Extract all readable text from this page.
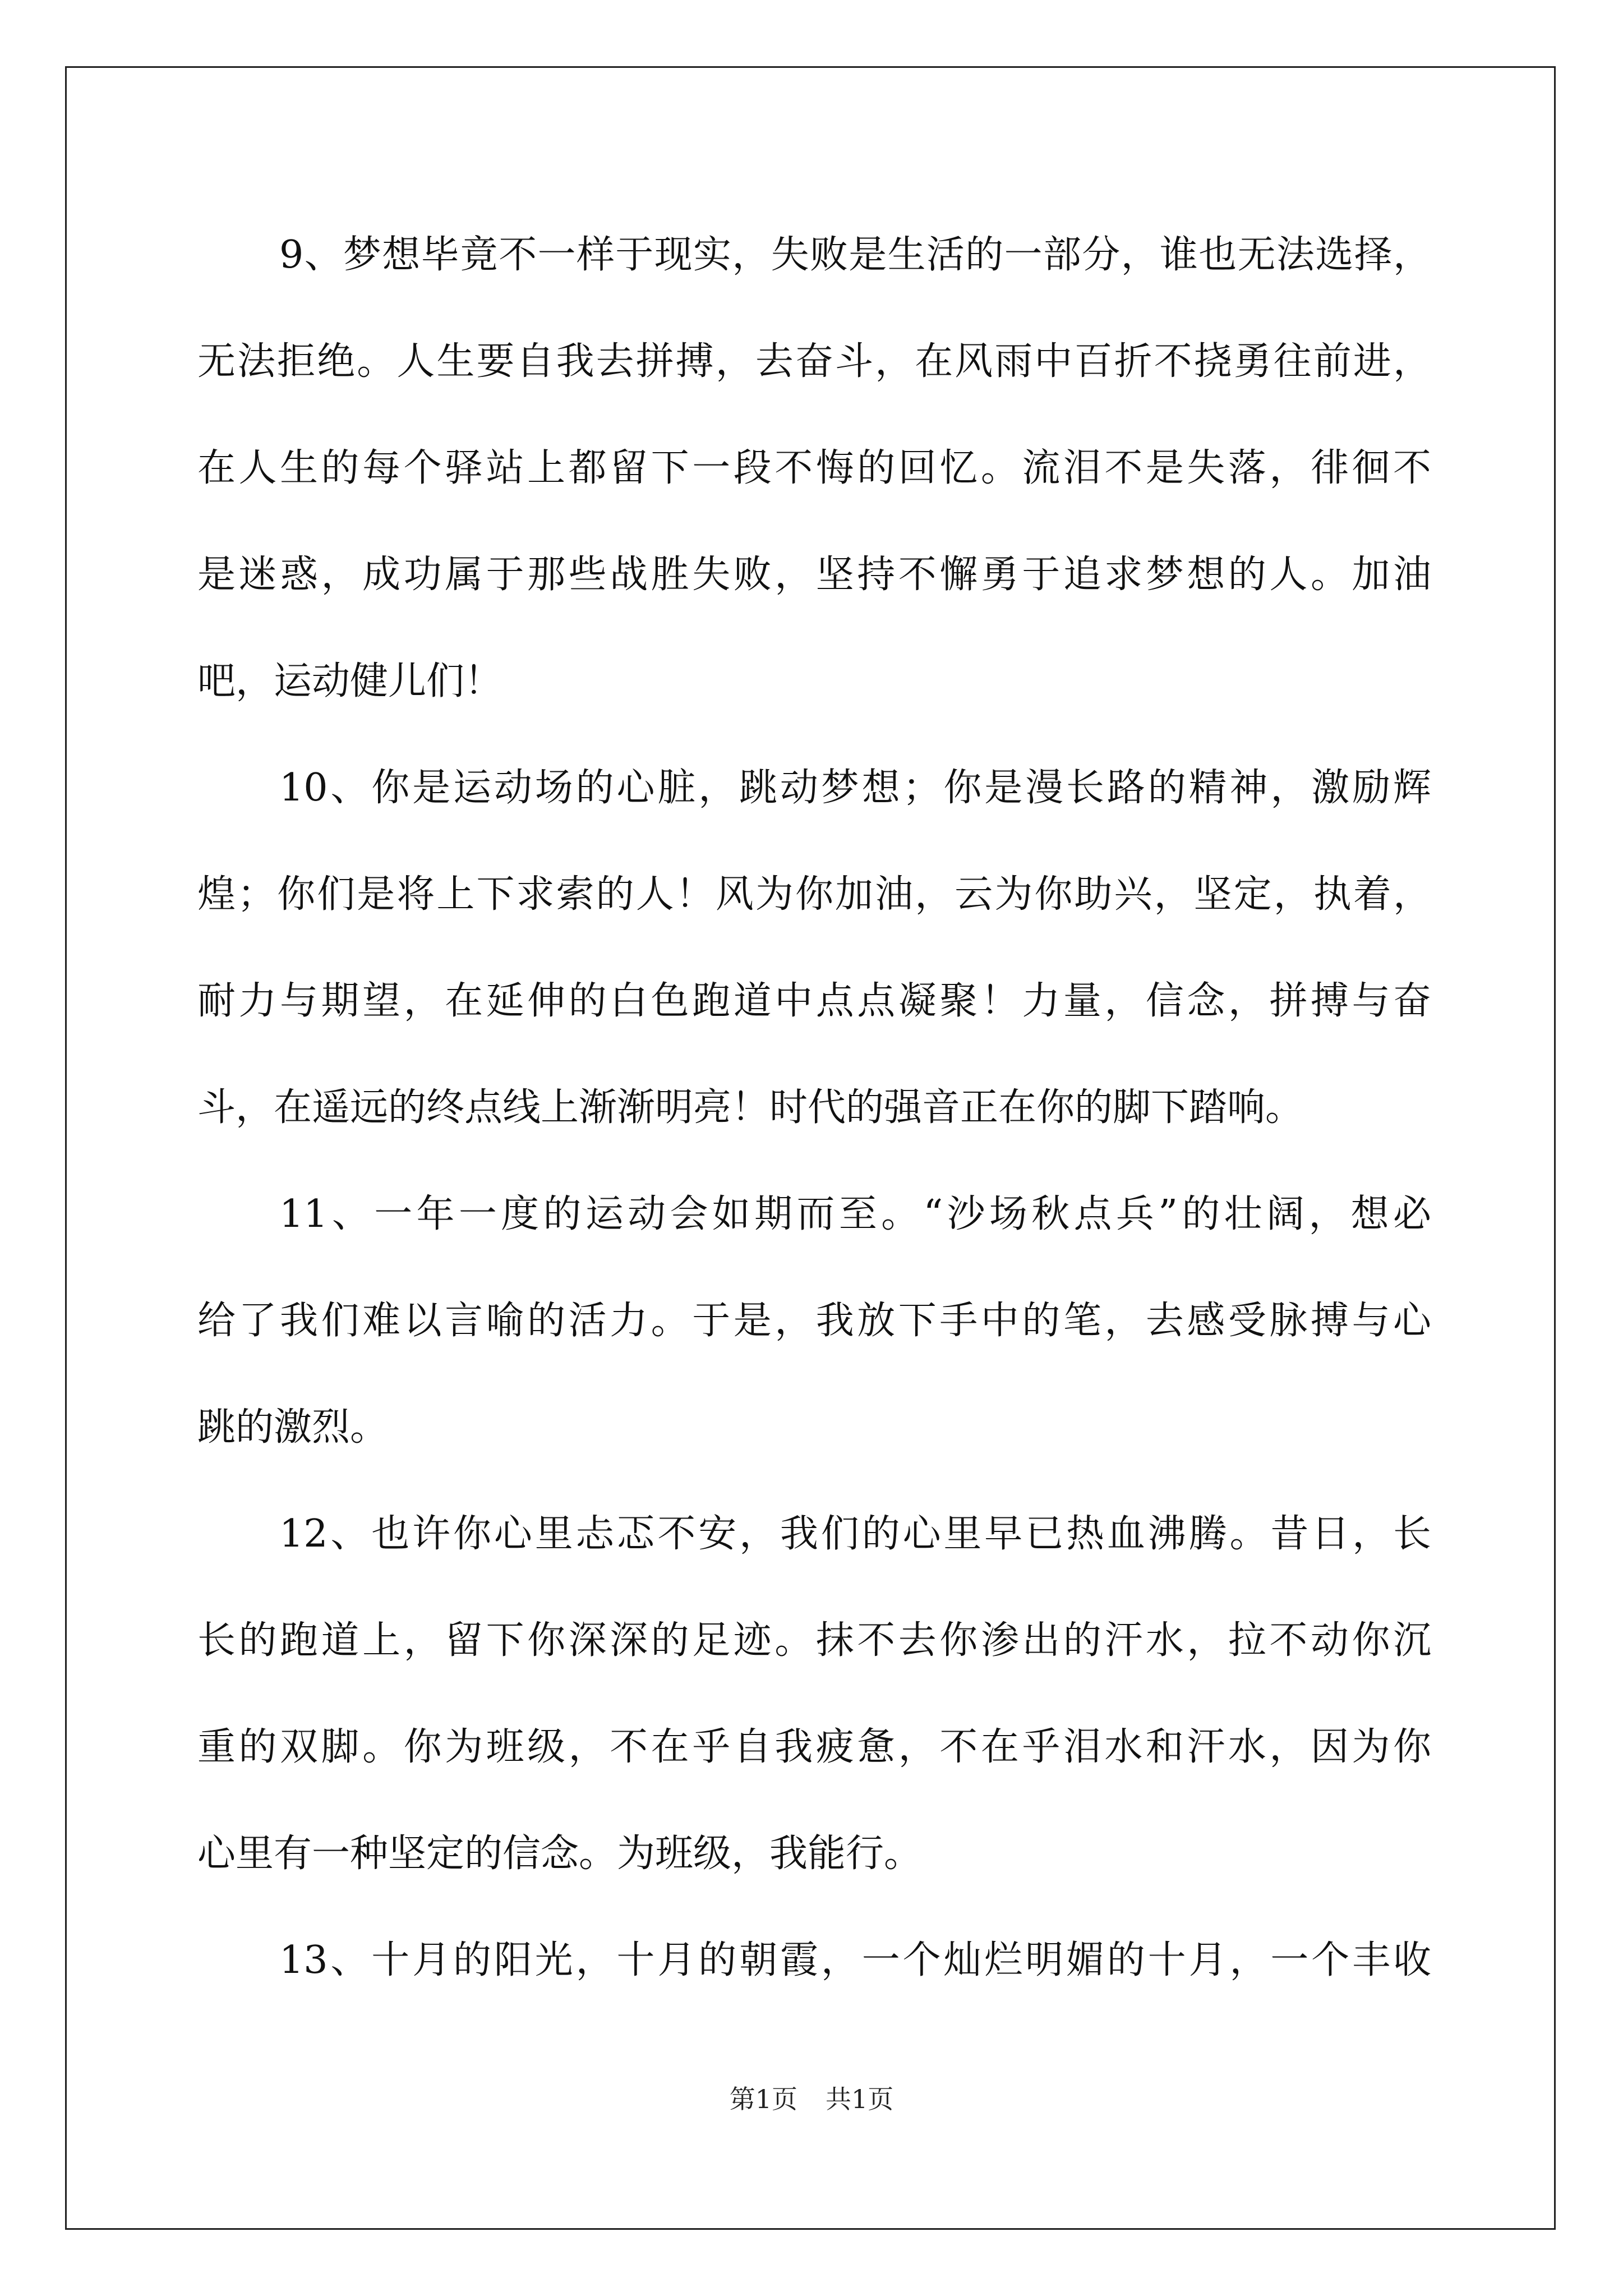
9、梦想毕竟不一样于现实，失败是生活的一部分，谁也无法选择，
无法拒绝。人生要自我去拼搏，去奋斗，在风雨中百折不挠勇往前进，
在人生的每个驿站上都留下一段不悔的回忆。流泪不是失落，徘徊不
是迷惑，成功属于那些战胜失败，坚持不懈勇于追求梦想的人。加油
吧，运动健儿们！
10、你是运动场的心脏，跳动梦想；你是漫长路的精神，激励辉
煌；你们是将上下求索的人！风为你加油，云为你助兴，坚定，执着，
耐力与期望，在延伸的白色跑道中点点凝聚！力量，信念，拼搏与奋
斗，在遥远的终点线上渐渐明亮！时代的强音正在你的脚下踏响。
11、一年一度的运动会如期而至。“沙场秋点兵”的壮阔，想必
给了我们难以言喻的活力。于是，我放下手中的笔，去感受脉搏与心
跳的激烈。
12、也许你心里忐忑不安，我们的心里早已热血沸腾。昔日，长
长的跑道上，留下你深深的足迹。抹不去你渗出的汗水，拉不动你沉
重的双脚。你为班级，不在乎自我疲惫，不在乎泪水和汗水，因为你
心里有一种坚定的信念。为班级，我能行。
13、十月的阳光，十月的朝霞，一个灿烂明媚的十月，一个丰收
第1页 共1页
